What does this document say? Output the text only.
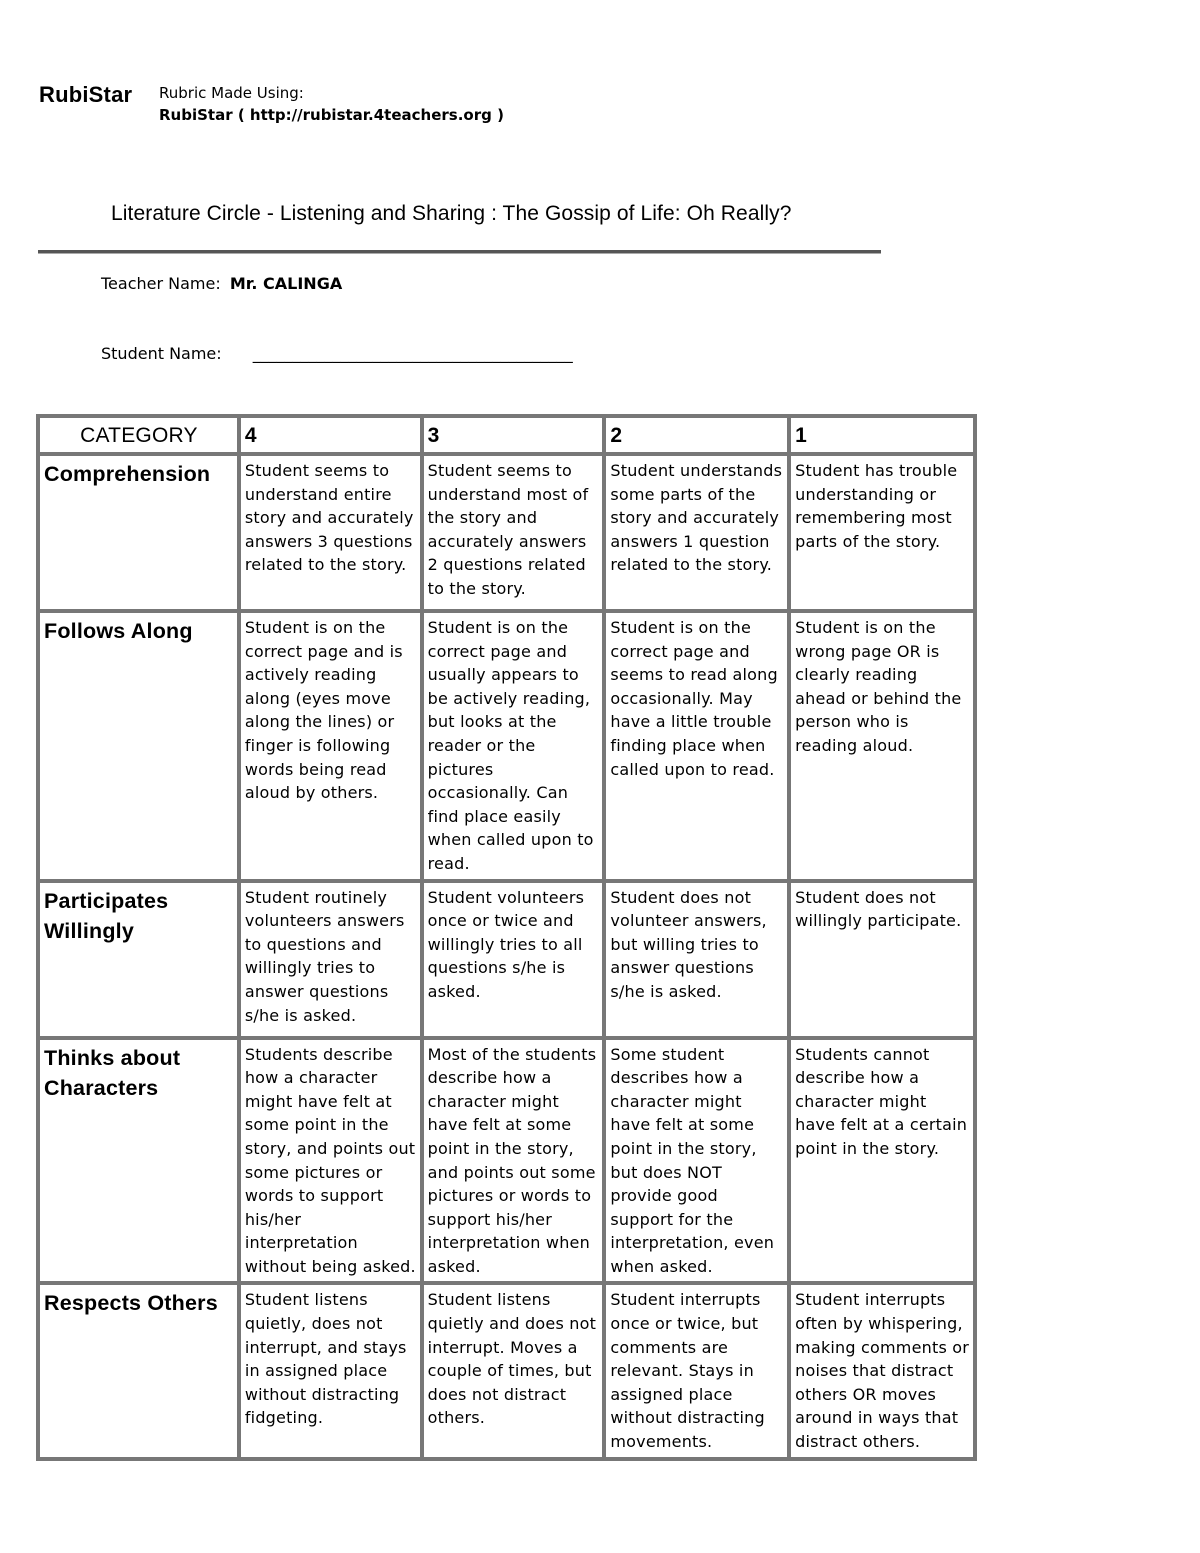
RubiStar Rubric Made Using:
RubiStar ( http://rubistar.4teachers.org )
Literature Circle - Listening and Sharing : The Gossip of Life: Oh Really?
Teacher Name: Mr. CALINGA
Student Name: ________________________________________
CATEGORY	4	3	2	1
Comprehension	Student seems to understand entire story and accurately answers 3 questions related to the story.	Student seems to understand most of the story and accurately answers 2 questions related to the story.	Student understands some parts of the story and accurately answers 1 question related to the story.	Student has trouble understanding or remembering most parts of the story.
Follows Along	Student is on the correct page and is actively reading along (eyes move along the lines) or finger is following words being read aloud by others.	Student is on the correct page and usually appears to be actively reading, but looks at the reader or the pictures occasionally. Can find place easily when called upon to read.	Student is on the correct page and seems to read along occasionally. May have a little trouble finding place when called upon to read.	Student is on the wrong page OR is clearly reading ahead or behind the person who is reading aloud.
Participates Willingly	Student routinely volunteers answers to questions and willingly tries to answer questions s/he is asked.	Student volunteers once or twice and willingly tries to all questions s/he is asked.	Student does not volunteer answers, but willing tries to answer questions s/he is asked.	Student does not willingly participate.
Thinks about Characters	Students describe how a character might have felt at some point in the story, and points out some pictures or words to support his/her interpretation without being asked.	Most of the students describe how a character might have felt at some point in the story, and points out some pictures or words to support his/her interpretation when asked.	Some student describes how a character might have felt at some point in the story, but does NOT provide good support for the interpretation, even when asked.	Students cannot describe how a character might have felt at a certain point in the story.
Respects Others	Student listens quietly, does not interrupt, and stays in assigned place without distracting fidgeting.	Student listens quietly and does not interrupt. Moves a couple of times, but does not distract others.	Student interrupts once or twice, but comments are relevant. Stays in assigned place without distracting movements.	Student interrupts often by whispering, making comments or noises that distract others OR moves around in ways that distract others.
